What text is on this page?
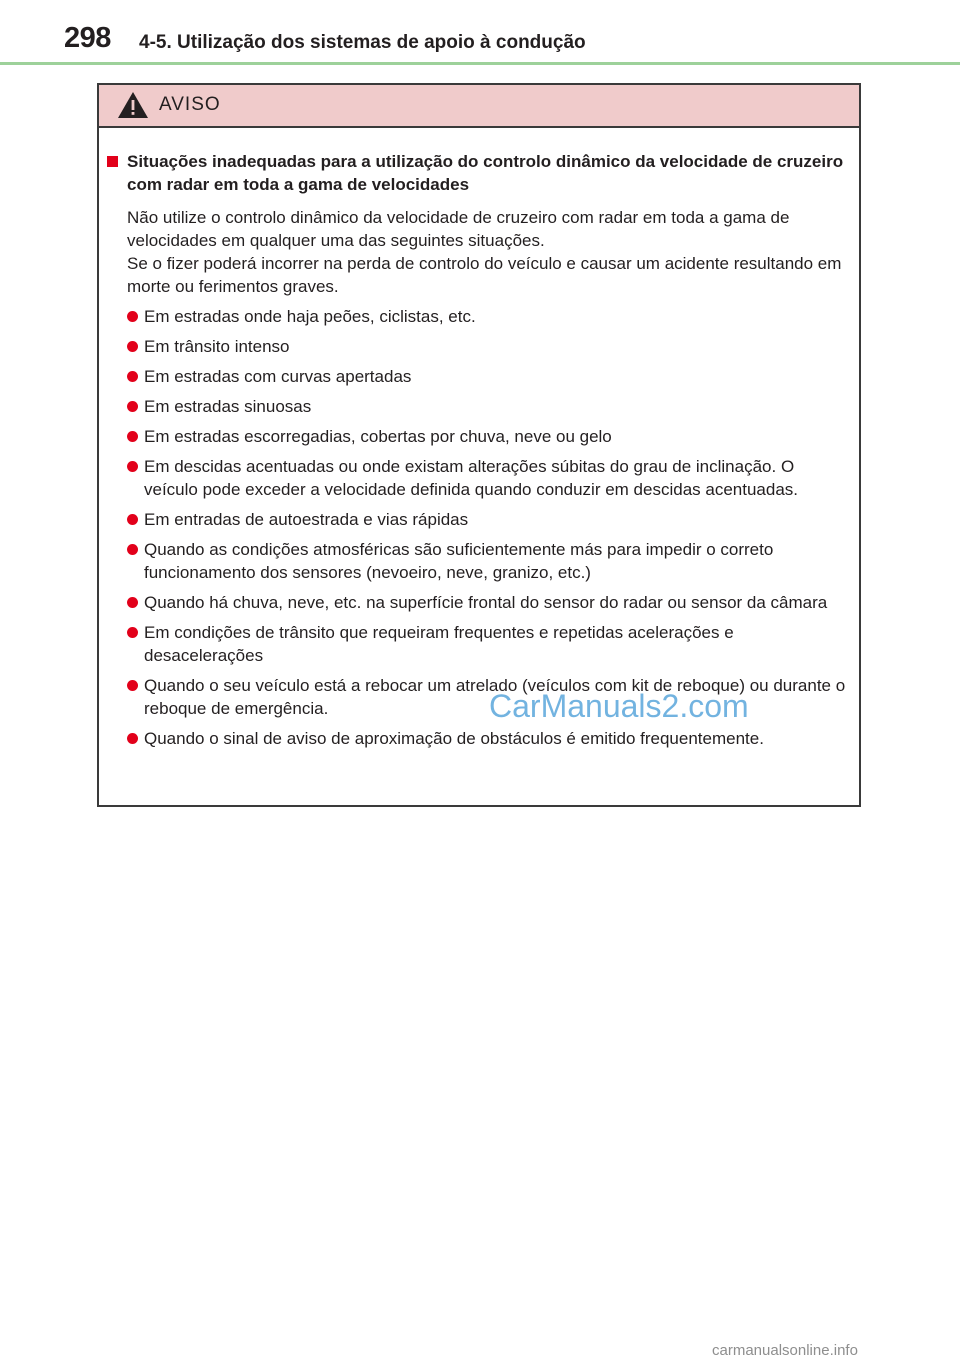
298 4-5. Utilização dos sistemas de apoio à condução
AVISO
Situações inadequadas para a utilização do controlo dinâmico da velocidade de cruzeiro com radar em toda a gama de velocidades

Não utilize o controlo dinâmico da velocidade de cruzeiro com radar em toda a gama de velocidades em qualquer uma das seguintes situações.

Se o fizer poderá incorrer na perda de controlo do veículo e causar um acidente resultando em morte ou ferimentos graves.

Em estradas onde haja peões, ciclistas, etc.
Em trânsito intenso
Em estradas com curvas apertadas
Em estradas sinuosas
Em estradas escorregadias, cobertas por chuva, neve ou gelo
Em descidas acentuadas ou onde existam alterações súbitas do grau de inclinação. O veículo pode exceder a velocidade definida quando conduzir em descidas acentuadas.
Em entradas de autoestrada e vias rápidas
Quando as condições atmosféricas são suficientemente más para impedir o correto funcionamento dos sensores (nevoeiro, neve, granizo, etc.)
Quando há chuva, neve, etc. na superfície frontal do sensor do radar ou sensor da câmara
Em condições de trânsito que requeiram frequentes e repetidas acelerações e desacelerações
Quando o seu veículo está a rebocar um atrelado (veículos com kit de reboque) ou durante o reboque de emergência.
Quando o sinal de aviso de aproximação de obstáculos é emitido frequentemente.
CarManuals2.com
carmanualsonline.info
